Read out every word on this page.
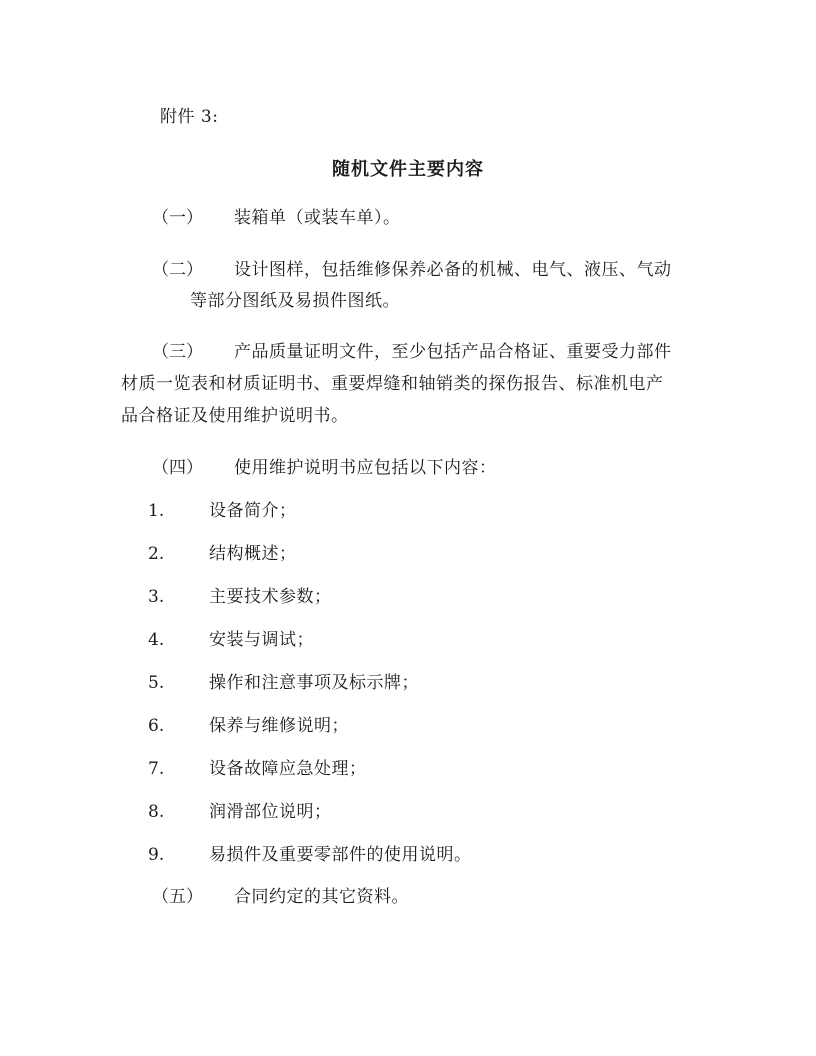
附件 3:
随机文件主要内容
（一） 装箱单（或装车单）。
（二） 设计图样，包括维修保养必备的机械、电气、液压、气动
等部分图纸及易损件图纸。
（三） 产品质量证明文件，至少包括产品合格证、重要受力部件
材质一览表和材质证明书、重要焊缝和轴销类的探伤报告、标准机电产
品合格证及使用维护说明书。
（四） 使用维护说明书应包括以下内容：
1.	设备简介；
2.	结构概述；
3.	主要技术参数；
4.	安装与调试；
5.	操作和注意事项及标示牌；
6.	保养与维修说明；
7.	设备故障应急处理；
8.	润滑部位说明；
9.	易损件及重要零部件的使用说明。
（五） 合同约定的其它资料。
